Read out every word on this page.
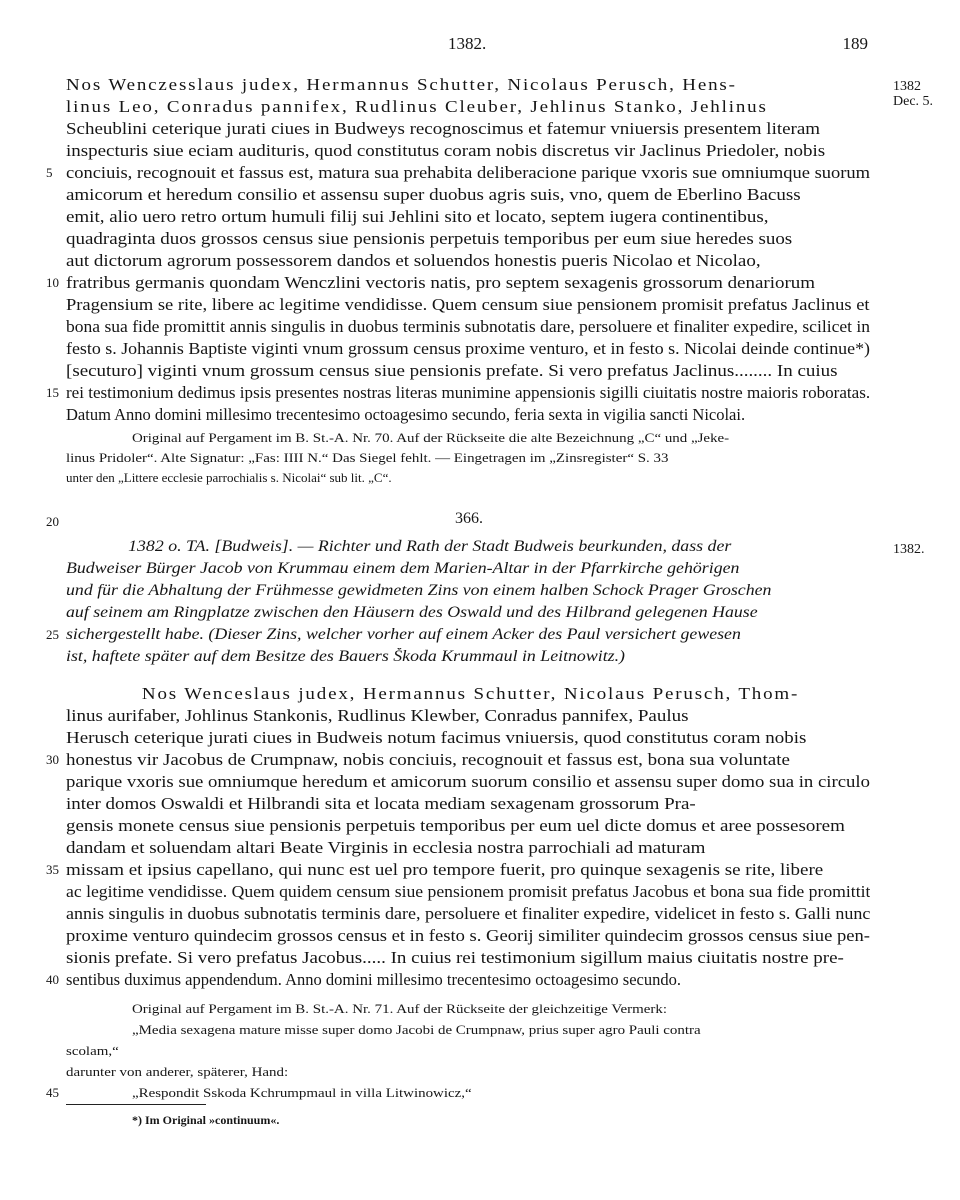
1382.	189
1382
Dec. 5.
Nos Wenczesslaus judex, Hermannus Schutter, Nicolaus Perusch, Hens-
linus Leo, Conradus pannifex, Rudlinus Cleuber, Jehlinus Stanko, Jehlinus
Scheublini ceterique jurati ciues in Budweys recognoscimus et fatemur vniuersis presentem literam
inspecturis siue eciam audituris, quod constitutus coram nobis discretus vir Jaclinus Priedoler, nobis
conciuis, recognouit et fassus est, matura sua prehabita deliberacione parique vxoris sue omniumque suorum
amicorum et heredum consilio et assensu super duobus agris suis, vno, quem de Eberlino Bacuss
emit, alio uero retro ortum humuli filij sui Jehlini sito et locato, septem iugera continentibus,
quadraginta duos grossos census siue pensionis perpetuis temporibus per eum siue heredes suos
aut dictorum agrorum possessorem dandos et soluendos honestis pueris Nicolao et Nicolao,
fratribus germanis quondam Wenczlini vectoris natis, pro septem sexagenis grossorum denariorum
Pragensium se rite, libere ac legitime vendidisse. Quem censum siue pensionem promisit prefatus Jaclinus et
bona sua fide promittit annis singulis in duobus terminis subnotatis dare, persoluere et finaliter expedire, scilicet in
festo s. Johannis Baptiste viginti vnum grossum census proxime venturo, et in festo s. Nicolai deinde continue*)
[secuturo] viginti vnum grossum census siue pensionis prefate. Si vero prefatus Jaclinus........ In cuius
rei testimonium dedimus ipsis presentes nostras literas munimine appensionis sigilli ciuitatis nostre maioris roboratas.
Datum Anno domini millesimo trecentesimo octoagesimo secundo, feria sexta in vigilia sancti Nicolai.
Original auf Pergament im B. St.-A. Nr. 70. Auf der Rückseite die alte Bezeichnung „C“ und „Jeke-
linus Pridoler“. Alte Signatur: „Fas: IIII N.“ Das Siegel fehlt. — Eingetragen im „Zinsregister“ S. 33
unter den „Littere ecclesie parrochialis s. Nicolai“ sub lit. „C“.
366.
1382.
1382 o. TA. [Budweis]. — Richter und Rath der Stadt Budweis beurkunden, dass der
Budweiser Bürger Jacob von Krummau einem dem Marien-Altar in der Pfarrkirche gehörigen
und für die Abhaltung der Frühmesse gewidmeten Zins von einem halben Schock Prager Groschen
auf seinem am Ringplatze zwischen den Häusern des Oswald und des Hilbrand gelegenen Hause
sichergestellt habe. (Dieser Zins, welcher vorher auf einem Acker des Paul versichert gewesen
ist, haftete später auf dem Besitze des Bauers Škoda Krummaul in Leitnowitz.)
Nos Wenceslaus judex, Hermannus Schutter, Nicolaus Perusch, Thom-
linus aurifaber, Johlinus Stankonis, Rudlinus Klewber, Conradus pannifex, Paulus
Herusch ceterique jurati ciues in Budweis notum facimus vniuersis, quod constitutus coram nobis
honestus vir Jacobus de Crumpnaw, nobis conciuis, recognouit et fassus est, bona sua voluntate
parique vxoris sue omniumque heredum et amicorum suorum consilio et assensu super domo sua in circulo
inter domos Oswaldi et Hilbrandi sita et locata mediam sexagenam grossorum Pra-
gensis monete census siue pensionis perpetuis temporibus per eum uel dicte domus et aree possesorem
dandam et soluendam altari Beate Virginis in ecclesia nostra parrochiali ad maturam
missam et ipsius capellano, qui nunc est uel pro tempore fuerit, pro quinque sexagenis se rite, libere
ac legitime vendidisse. Quem quidem censum siue pensionem promisit prefatus Jacobus et bona sua fide promittit
annis singulis in duobus subnotatis terminis dare, persoluere et finaliter expedire, videlicet in festo s. Galli nunc
proxime venturo quindecim grossos census et in festo s. Georij similiter quindecim grossos census siue pen-
sionis prefate. Si vero prefatus Jacobus..... In cuius rei testimonium sigillum maius ciuitatis nostre pre-
sentibus duximus appendendum. Anno domini millesimo trecentesimo octoagesimo secundo.
Original auf Pergament im B. St.-A. Nr. 71. Auf der Rückseite der gleichzeitige Vermerk:
„Media sexagena mature misse super domo Jacobi de Crumpnaw, prius super agro Pauli contra
scolam,“
darunter von anderer, späterer, Hand:
„Respondit Sskoda Kchrumpmaul in villa Litwinowicz,“
5
10
15
20
25
30
35
40
45
*) Im Original »continuum«.
